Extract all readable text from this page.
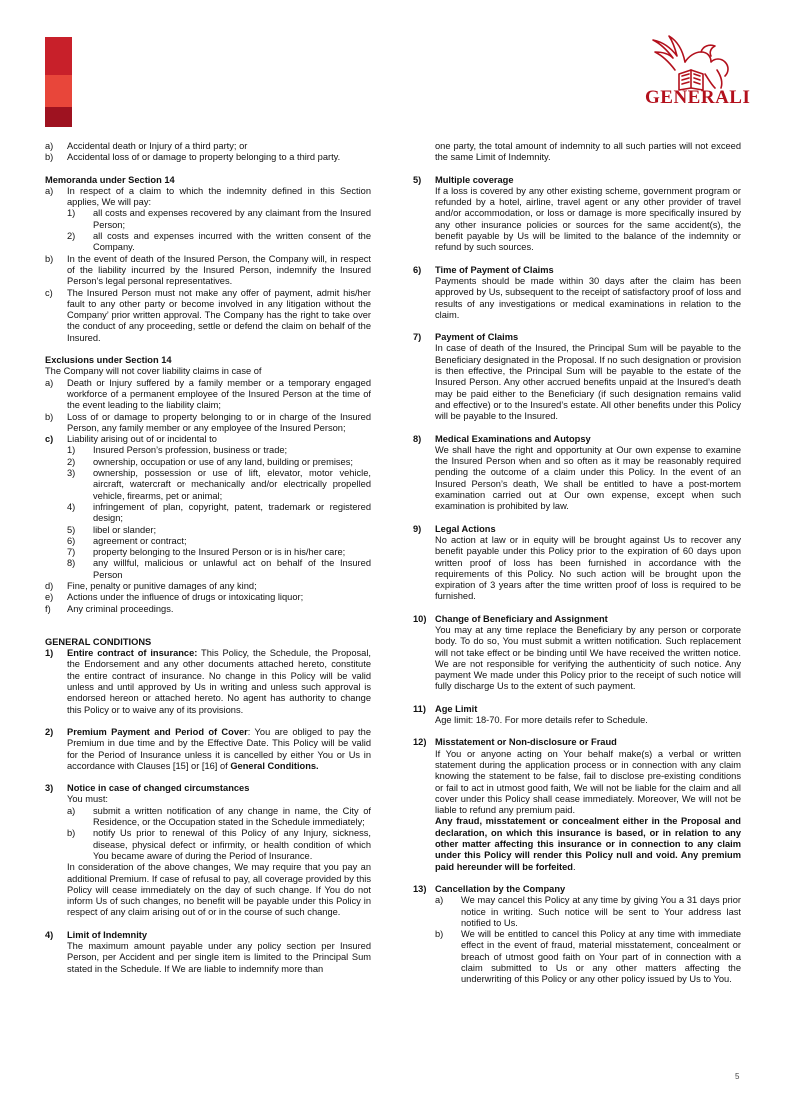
GENERALI
a)	Accidental death or Injury of a third party; or
b)	Accidental loss of or damage to property belonging to a third party.
Memoranda under Section 14
a)	In respect of a claim to which the indemnity defined in this Section applies, We will pay:
1)	all costs and expenses recovered by any claimant from the Insured Person;
2)	all costs and expenses incurred with the written consent of the Company.
b)	In the event of death of the Insured Person, the Company will, in respect of the liability incurred by the Insured Person, indemnify the Insured Person’s legal personal representatives.
c)	The Insured Person must not make any offer of payment, admit his/her fault to any other party or become involved in any litigation without the Company’ prior written approval. The Company has the right to take over the conduct of any proceeding, settle or defend the claim on behalf of the Insured.
Exclusions under Section 14
The Company will not cover liability claims in case of
a)	Death or Injury suffered by a family member or a temporary engaged workforce of a permanent employee of the Insured Person at the time of the event leading to the liability claim;
b)	Loss of or damage to property belonging to or in charge of the Insured Person, any family member or any employee of the Insured Person;
c)	Liability arising out of or incidental to
1)	Insured Person’s profession, business or trade;
2)	ownership, occupation or use of any land, building or premises;
3)	ownership, possession or use of lift, elevator, motor vehicle, aircraft, watercraft or mechanically and/or electrically propelled vehicle, firearms, pet or animal;
4)	infringement of plan, copyright, patent, trademark or registered design;
5)	libel or slander;
6)	agreement or contract;
7)	property belonging to the Insured Person or is in his/her care;
8)	any willful, malicious or unlawful act on behalf of the Insured Person
d)	Fine, penalty or punitive damages of any kind;
e)	Actions under the influence of drugs or intoxicating liquor;
f)	Any criminal proceedings.
GENERAL CONDITIONS
1)	Entire contract of insurance: This Policy, the Schedule, the Proposal, the Endorsement and any other documents attached hereto, constitute the entire contract of insurance. No change in this Policy will be valid unless and until approved by Us in writing and unless such approval is endorsed hereon or attached hereto. No agent has authority to change this Policy or to waive any of its provisions.
2)	Premium Payment and Period of Cover: You are obliged to pay the Premium in due time and by the Effective Date. This Policy will be valid for the Period of Insurance unless it is cancelled by either You or Us in accordance with Clauses [15] or [16] of General Conditions.
3)	Notice in case of changed circumstances
You must:
a)	submit a written notification of any change in name, the City of Residence, or the Occupation stated in the Schedule immediately;
b)	notify Us prior to renewal of this Policy of any Injury, sickness, disease, physical defect or infirmity, or health condition of which You became aware of during the Period of Insurance.
In consideration of the above changes, We may require that you pay an additional Premium. If case of refusal to pay, all coverage provided by this Policy will cease immediately on the day of such change. If You do not inform Us of such changes, no benefit will be payable under this Policy in respect of any claim arising out of or in the course of such change.
4)	Limit of Indemnity
The maximum amount payable under any policy section per Insured Person, per Accident and per single item is limited to the Principal Sum stated in the Schedule. If We are liable to indemnify more than
one party, the total amount of indemnity to all such parties will not exceed the same Limit of Indemnity.
5)	Multiple coverage
If a loss is covered by any other existing scheme, government program or refunded by a hotel, airline, travel agent or any other provider of travel and/or accommodation, or loss or damage is more specifically insured by any other insurance policies or sources for the same accident(s), the benefit payable by Us will be limited to the balance of the indemnity or refund by such sources.
6)	Time of Payment of Claims
Payments should be made within 30 days after the claim has been approved by Us, subsequent to the receipt of satisfactory proof of loss and results of any investigations or medical examinations in relation to the claim.
7)	Payment of Claims
In case of death of the Insured, the Principal Sum will be payable to the Beneficiary designated in the Proposal. If no such designation or provision is then effective, the Principal Sum will be payable to the estate of the Insured Person. Any other accrued benefits unpaid at the Insured’s death may be paid either to the Beneficiary (if such designation remains valid and effective) or to the Insured’s estate. All other benefits under this Policy will be payable to the Insured.
8)	Medical Examinations and Autopsy
We shall have the right and opportunity at Our own expense to examine the Insured Person when and so often as it may be reasonably required pending the outcome of a claim under this Policy. In the event of an Insured Person’s death, We shall be entitled to have a post-mortem examination carried out at Our own expense, except when such examination is prohibited by law.
9)	Legal Actions
No action at law or in equity will be brought against Us to recover any benefit payable under this Policy prior to the expiration of 60 days upon written proof of loss has been furnished in accordance with the requirements of this Policy. No such action will be brought upon the expiration of 3 years after the time written proof of loss is required to be furnished.
10) Change of Beneficiary and Assignment
You may at any time replace the Beneficiary by any person or corporate body. To do so, You must submit a written notification. Such replacement will not take effect or be binding until We have received the written notice. We are not responsible for verifying the authenticity of such notice. Any payment We made under this Policy prior to the receipt of such notice will fully discharge Us to the extent of such payment.
11) Age Limit
Age limit: 18-70. For more details refer to Schedule.
12) Misstatement or Non-disclosure or Fraud
If You or anyone acting on Your behalf make(s) a verbal or written statement during the application process or in connection with any claim knowing the statement to be false, fail to disclose pre-existing conditions or fail to act in utmost good faith, We will not be liable for the claim and all cover under this Policy shall cease immediately. Moreover, We will not be liable to refund any premium paid.
Any fraud, misstatement or concealment either in the Proposal and declaration, on which this insurance is based, or in relation to any other matter affecting this insurance or in connection to any claim under this Policy will render this Policy null and void. Any premium paid hereunder will be forfeited.
13) Cancellation by the Company
a)	We may cancel this Policy at any time by giving You a 31 days prior notice in writing. Such notice will be sent to Your address last notified to Us.
b)	We will be entitled to cancel this Policy at any time with immediate effect in the event of fraud, material misstatement, concealment or breach of utmost good faith on Your part of in connection with a claim submitted to Us or any other matters affecting the underwriting of this Policy or any other policy issued by Us to You.
5
